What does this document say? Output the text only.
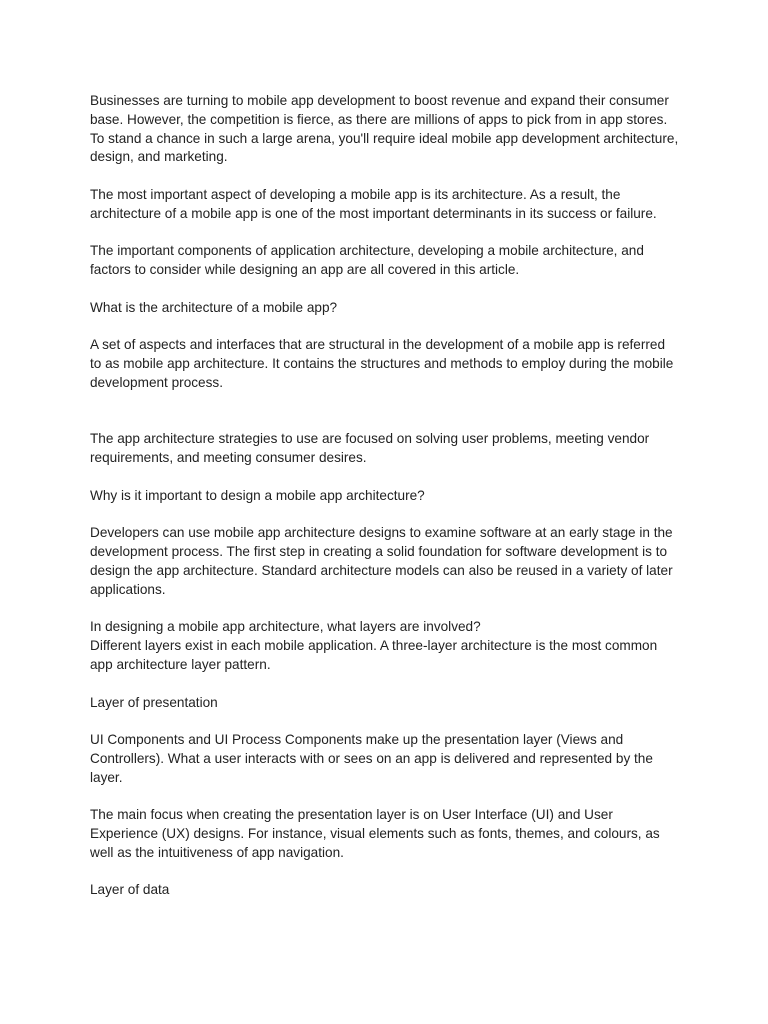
Businesses are turning to mobile app development to boost revenue and expand their consumer base. However, the competition is fierce, as there are millions of apps to pick from in app stores. To stand a chance in such a large arena, you'll require ideal mobile app development architecture, design, and marketing.

The most important aspect of developing a mobile app is its architecture. As a result, the architecture of a mobile app is one of the most important determinants in its success or failure.

The important components of application architecture, developing a mobile architecture, and factors to consider while designing an app are all covered in this article.

What is the architecture of a mobile app?

A set of aspects and interfaces that are structural in the development of a mobile app is referred to as mobile app architecture. It contains the structures and methods to employ during the mobile development process.

The app architecture strategies to use are focused on solving user problems, meeting vendor requirements, and meeting consumer desires.

Why is it important to design a mobile app architecture?

Developers can use mobile app architecture designs to examine software at an early stage in the development process. The first step in creating a solid foundation for software development is to design the app architecture. Standard architecture models can also be reused in a variety of later applications.

In designing a mobile app architecture, what layers are involved?

Different layers exist in each mobile application. A three-layer architecture is the most common app architecture layer pattern.

Layer of presentation

UI Components and UI Process Components make up the presentation layer (Views and Controllers). What a user interacts with or sees on an app is delivered and represented by the layer.

The main focus when creating the presentation layer is on User Interface (UI) and User Experience (UX) designs. For instance, visual elements such as fonts, themes, and colours, as well as the intuitiveness of app navigation.

Layer of data
